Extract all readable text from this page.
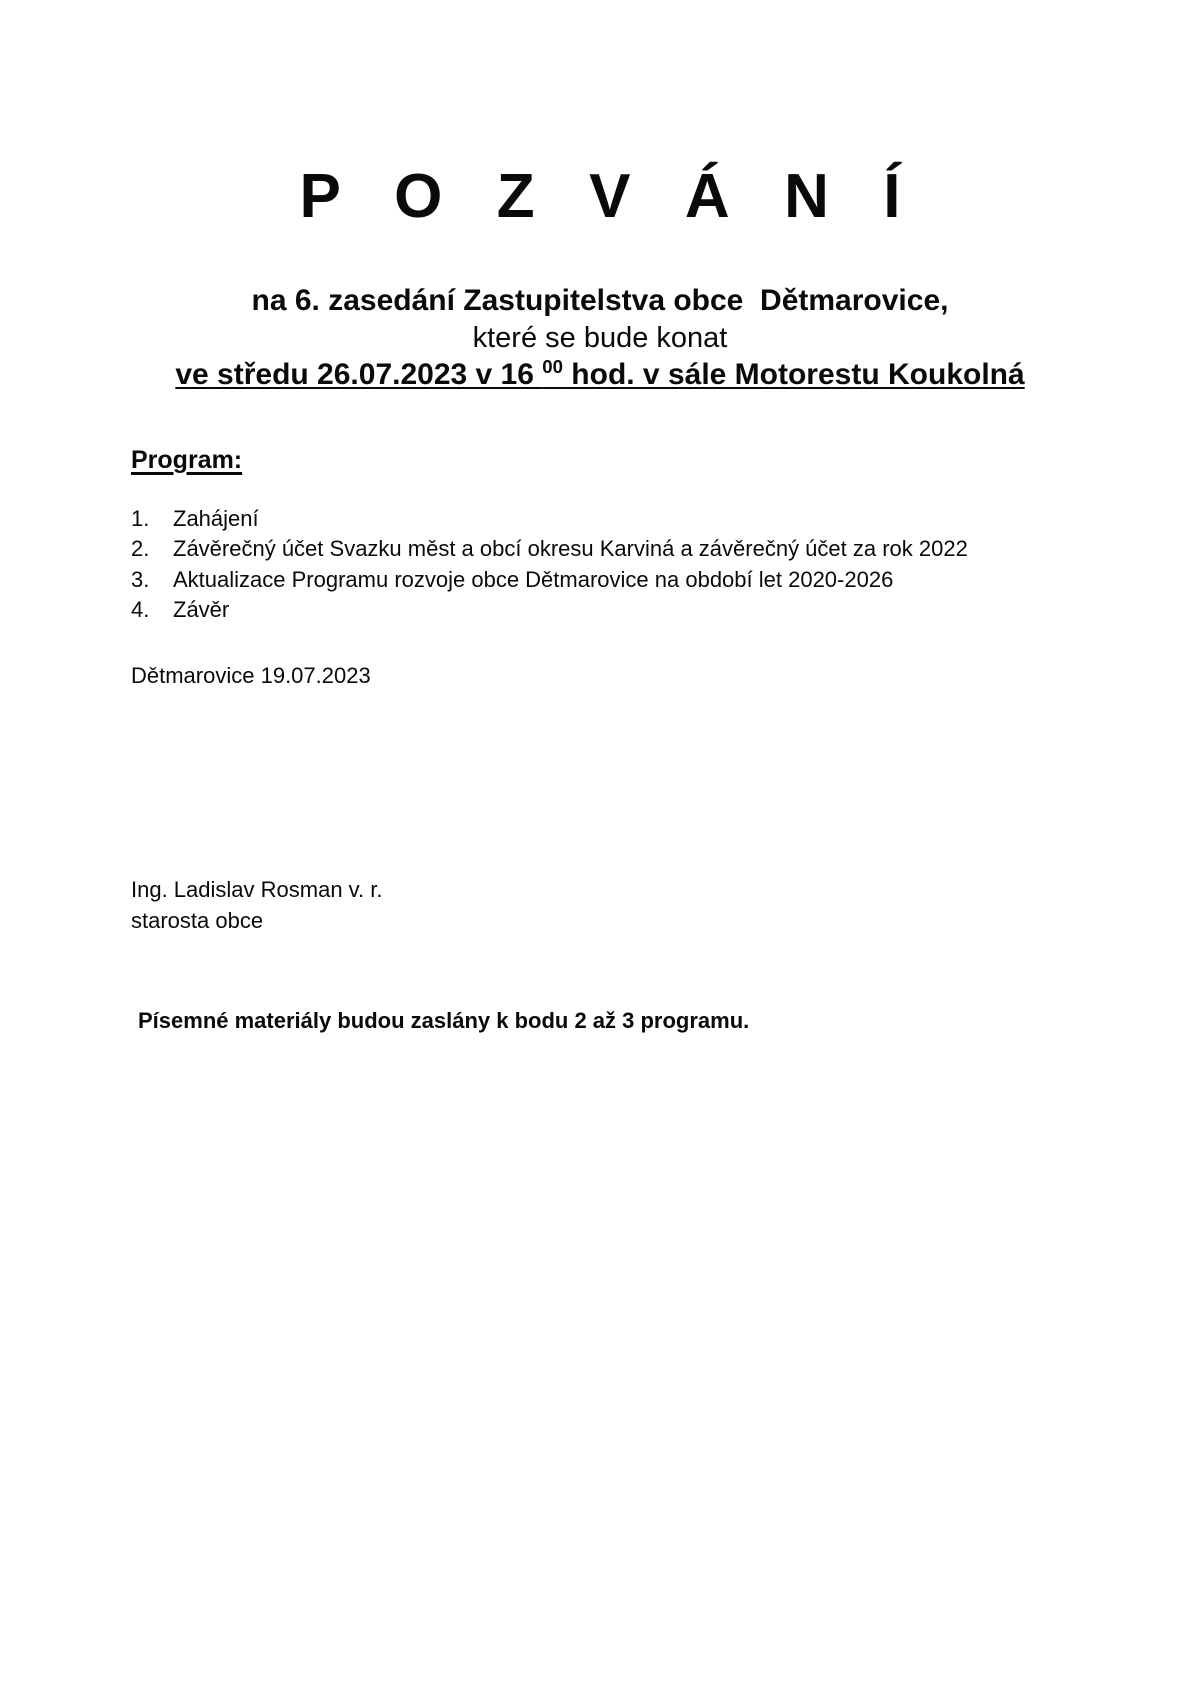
P O Z V Á N Í
na 6. zasedání Zastupitelstva obce  Dětmarovice,
které se bude konat
ve středu 26.07.2023 v 16 $^{00}$ hod. v sále Motorestu Koukolná
Program:
1.	Zahájení
2.	Závěrečný účet Svazku měst a obcí okresu Karviná a závěrečný účet za rok 2022
3.	Aktualizace Programu rozvoje obce Dětmarovice na období let 2020-2026
4.	Závěr
Dětmarovice 19.07.2023
Ing. Ladislav Rosman v. r.
starosta obce
Písemné materiály budou zaslány k bodu 2 až 3 programu.
